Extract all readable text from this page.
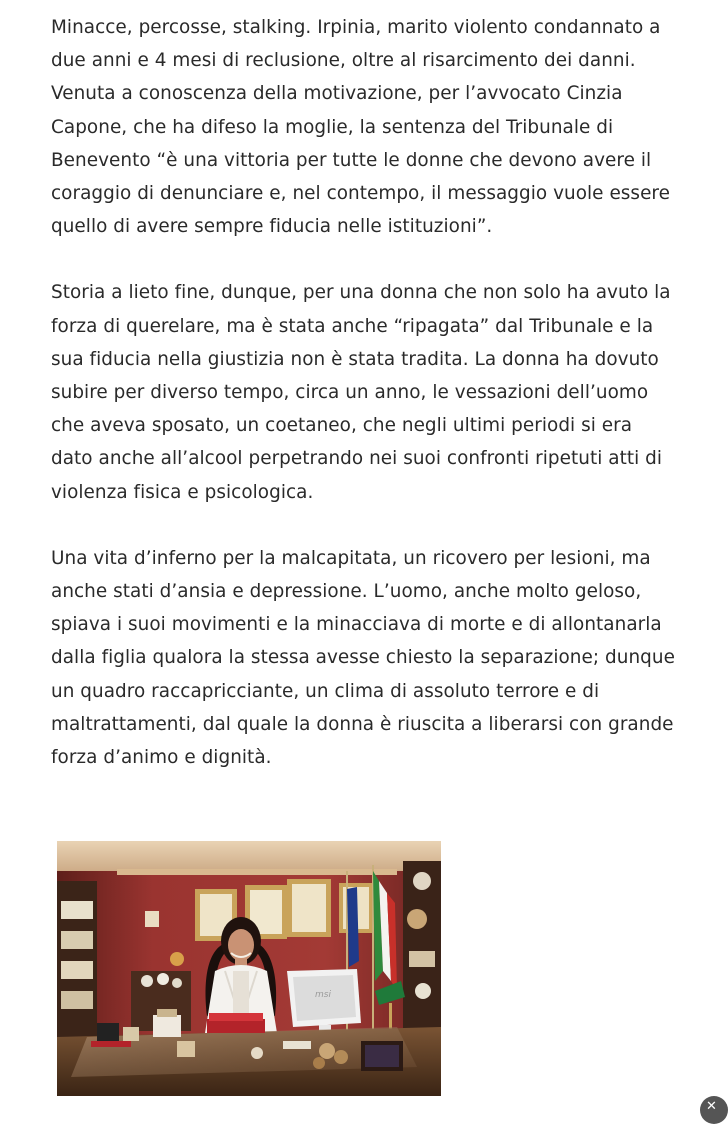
Minacce, percosse, stalking. Irpinia, marito violento condannato a due anni e 4 mesi di reclusione, oltre al risarcimento dei danni. Venuta a conoscenza della motivazione, per l’avvocato Cinzia Capone, che ha difeso la moglie, la sentenza del Tribunale di Benevento “è una vittoria per tutte le donne che devono avere il coraggio di denunciare e, nel contempo, il messaggio vuole essere quello di avere sempre fiducia nelle istituzioni”.

Storia a lieto fine, dunque, per una donna che non solo ha avuto la forza di querelare, ma è stata anche “ripagata” dal Tribunale e la sua fiducia nella giustizia non è stata tradita. La donna ha dovuto subire per diverso tempo, circa un anno, le vessazioni dell’uomo che aveva sposato, un coetaneo, che negli ultimi periodi si era dato anche all’alcool perpetrando nei suoi confronti ripetuti atti di violenza fisica e psicologica.

Una vita d’inferno per la malcapitata, un ricovero per lesioni, ma anche stati d’ansia e depressione. L’uomo, anche molto geloso, spiava i suoi movimenti e la minacciava di morte e di allontanarla dalla figlia qualora la stessa avesse chiesto la separazione; dunque un quadro raccapricciante, un clima di assoluto terrore e di maltrattamenti, dal quale la donna è riuscita a liberarsi con grande forza d’animo e dignità.

msi
✕
